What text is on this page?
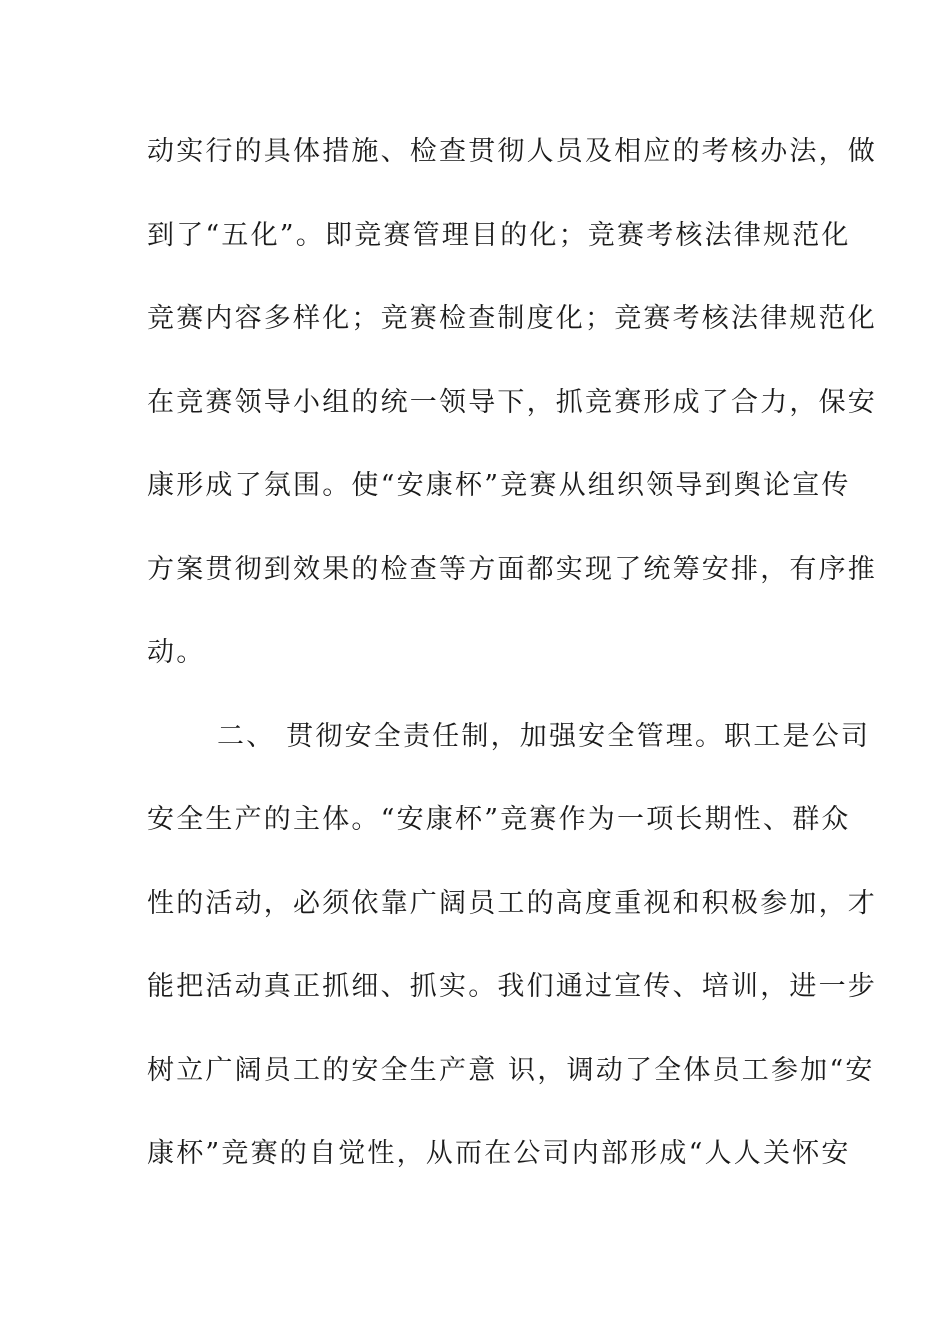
动实行的具体措施、检查贯彻人员及相应的考核办法，做
到了“五化”。即竞赛管理目的化；竞赛考核法律规范化
竞赛内容多样化；竞赛检查制度化；竞赛考核法律规范化
在竞赛领导小组的统一领导下，抓竞赛形成了合力，保安
康形成了氛围。使“安康杯”竞赛从组织领导到舆论宣传
方案贯彻到效果的检查等方面都实现了统筹安排，有序推
动。
二、 贯彻安全责任制，加强安全管理。职工是公司
安全生产的主体。“安康杯”竞赛作为一项长期性、群众
性的活动，必须依靠广阔员工的高度重视和积极参加，才
能把活动真正抓细、抓实。我们通过宣传、培训，进一步
树立广阔员工的安全生产意 识，调动了全体员工参加“安
康杯”竞赛的自觉性，从而在公司内部形成“人人关怀安
